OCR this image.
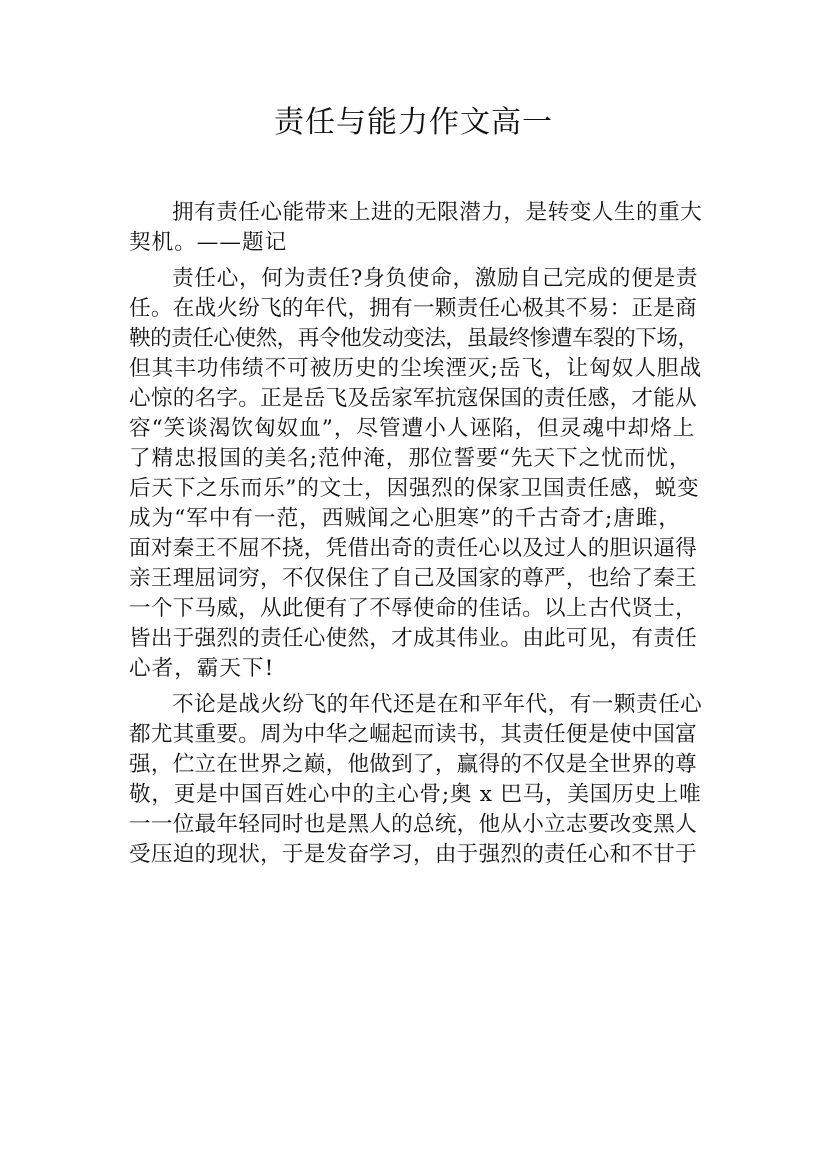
责任与能力作文高一

拥有责任心能带来上进的无限潜力，是转变人生的重大
契机。——题记

责任心，何为责任?身负使命，激励自己完成的便是责
任。在战火纷飞的年代，拥有一颗责任心极其不易：正是商
鞅的责任心使然，再令他发动变法，虽最终惨遭车裂的下场，
但其丰功伟绩不可被历史的尘埃湮灭;岳飞，让匈奴人胆战
心惊的名字。正是岳飞及岳家军抗寇保国的责任感，才能从
容“笑谈渴饮匈奴血”，尽管遭小人诬陷，但灵魂中却烙上
了精忠报国的美名;范仲淹，那位誓要“先天下之忧而忧，
后天下之乐而乐”的文士，因强烈的保家卫国责任感，蜕变
成为“军中有一范，西贼闻之心胆寒”的千古奇才;唐雎，
面对秦王不屈不挠，凭借出奇的责任心以及过人的胆识逼得
亲王理屈词穷，不仅保住了自己及国家的尊严，也给了秦王
一个下马威，从此便有了不辱使命的佳话。以上古代贤士，
皆出于强烈的责任心使然，才成其伟业。由此可见，有责任
心者，霸天下!

不论是战火纷飞的年代还是在和平年代，有一颗责任心
都尤其重要。周为中华之崛起而读书，其责任便是使中国富
强，伫立在世界之巅，他做到了，赢得的不仅是全世界的尊
敬，更是中国百姓心中的主心骨;奥 x 巴马，美国历史上唯
一一位最年轻同时也是黑人的总统，他从小立志要改变黑人
受压迫的现状，于是发奋学习，由于强烈的责任心和不甘于
